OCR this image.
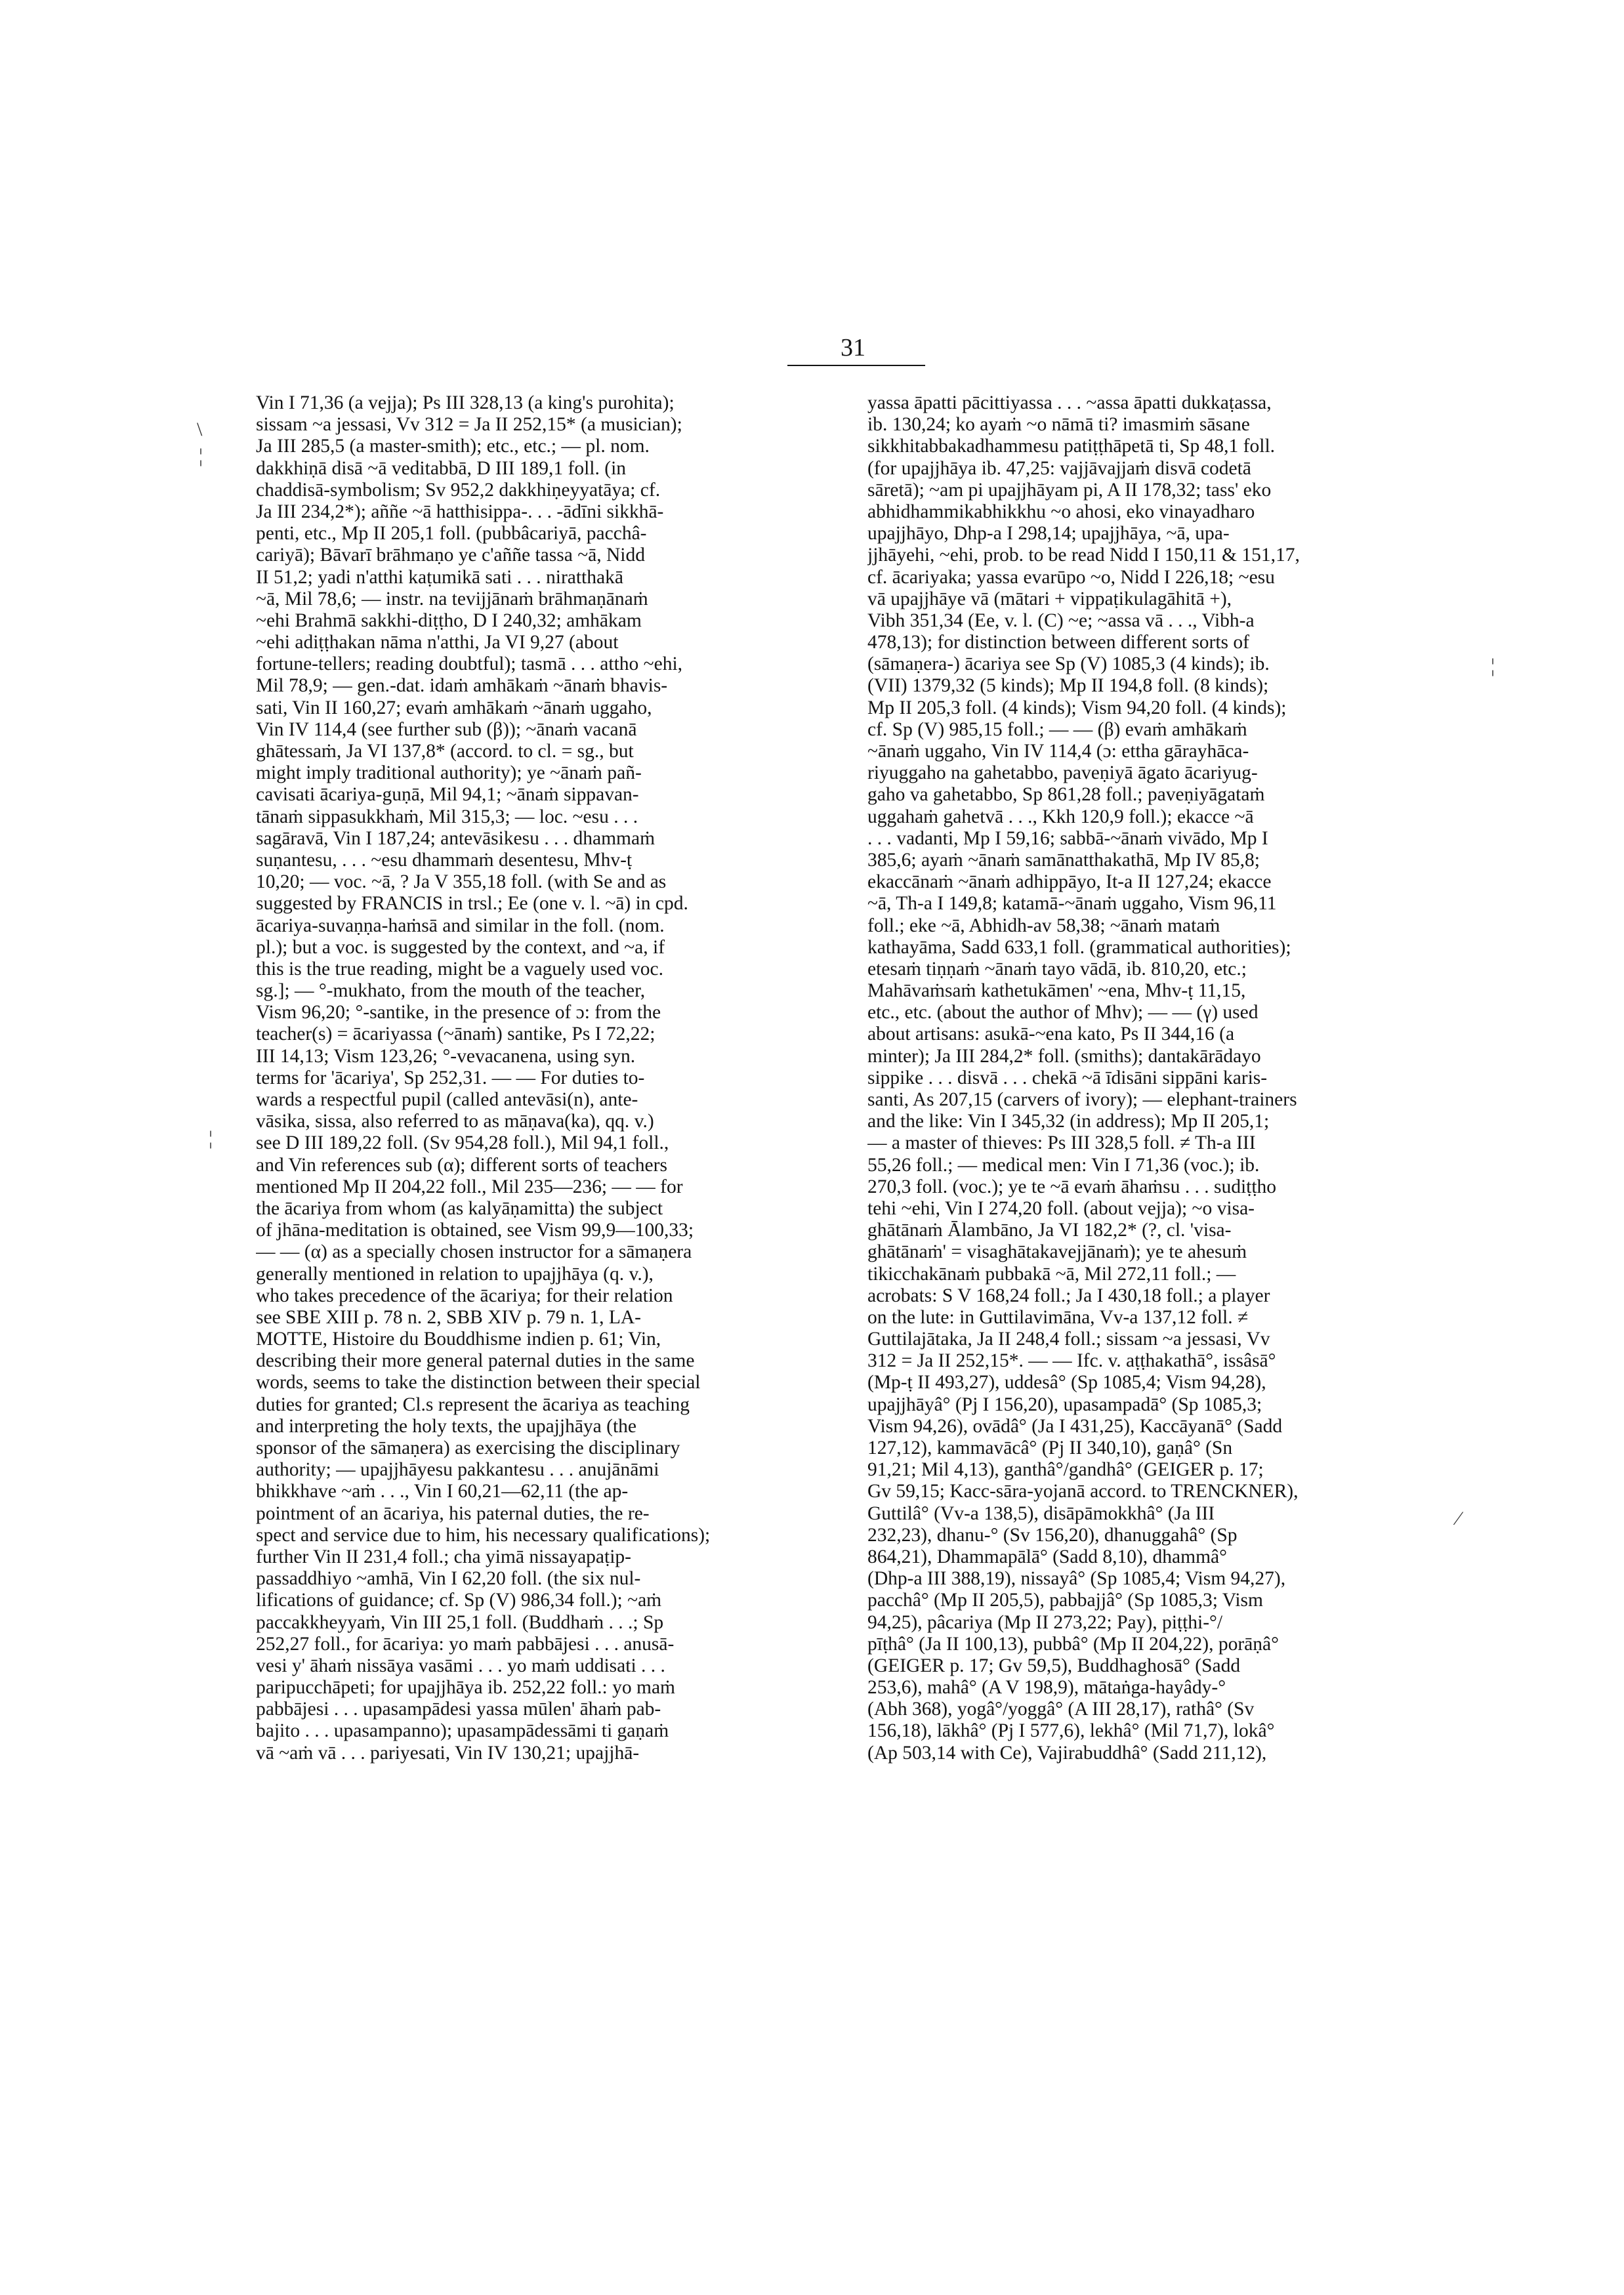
31
\
¦
¦
¦
⁄
Vin I 71,36 (a vejja); Ps III 328,13 (a king's purohita);
sissam ~a jessasi, Vv 312 = Ja II 252,15* (a musician);
Ja III 285,5 (a master-smith); etc., etc.; — pl. nom.
dakkhiṇā disā ~ā veditabbā, D III 189,1 foll. (in
chaddisā-symbolism; Sv 952,2 dakkhiṇeyyatāya; cf.
Ja III 234,2*); aññe ~ā hatthisippa-. . . -ādīni sikkhā-
penti, etc., Mp II 205,1 foll. (pubbâcariyā, pacchâ-
cariyā); Bāvarī brāhmaṇo ye c'aññe tassa ~ā, Nidd
II 51,2; yadi n'atthi kaṭumikā sati . . . niratthakā
~ā, Mil 78,6; — instr. na tevijjānaṁ brāhmaṇānaṁ
~ehi Brahmā sakkhi-diṭṭho, D I 240,32; amhākam
~ehi adiṭṭhakan nāma n'atthi, Ja VI 9,27 (about
fortune-tellers; reading doubtful); tasmā . . . attho ~ehi,
Mil 78,9; — gen.-dat. idaṁ amhākaṁ ~ānaṁ bhavis-
sati, Vin II 160,27; evaṁ amhākaṁ ~ānaṁ uggaho,
Vin IV 114,4 (see further sub (β)); ~ānaṁ vacanā
ghātessaṁ, Ja VI 137,8* (accord. to cl. = sg., but
might imply traditional authority); ye ~ānaṁ pañ-
cavisati ācariya-guṇā, Mil 94,1; ~ānaṁ sippavan-
tānaṁ sippasukkhaṁ, Mil 315,3; — loc. ~esu . . .
sagāravā, Vin I 187,24; antevāsikesu . . . dhammaṁ
suṇantesu, . . . ~esu dhammaṁ desentesu, Mhv-ṭ
10,20; — voc. ~ā, ? Ja V 355,18 foll. (with Se and as
suggested by FRANCIS in trsl.; Ee (one v. l. ~ā) in cpd.
ācariya-suvaṇṇa-haṁsā and similar in the foll. (nom.
pl.); but a voc. is suggested by the context, and ~a, if
this is the true reading, might be a vaguely used voc.
sg.]; — °-mukhato, from the mouth of the teacher,
Vism 96,20; °-santike, in the presence of ɔ: from the
teacher(s) = ācariyassa (~ānaṁ) santike, Ps I 72,22;
III 14,13; Vism 123,26; °-vevacanena, using syn.
terms for 'ācariya', Sp 252,31. — — For duties to-
wards a respectful pupil (called antevāsi(n), ante-
vāsika, sissa, also referred to as māṇava(ka), qq. v.)
see D III 189,22 foll. (Sv 954,28 foll.), Mil 94,1 foll.,
and Vin references sub (α); different sorts of teachers
mentioned Mp II 204,22 foll., Mil 235—236; — — for
the ācariya from whom (as kalyāṇamitta) the subject
of jhāna-meditation is obtained, see Vism 99,9—100,33;
— — (α) as a specially chosen instructor for a sāmaṇera
generally mentioned in relation to upajjhāya (q. v.),
who takes precedence of the ācariya; for their relation
see SBE XIII p. 78 n. 2, SBB XIV p. 79 n. 1, LA-
MOTTE, Histoire du Bouddhisme indien p. 61; Vin,
describing their more general paternal duties in the same
words, seems to take the distinction between their special
duties for granted; Cl.s represent the ācariya as teaching
and interpreting the holy texts, the upajjhāya (the
sponsor of the sāmaṇera) as exercising the disciplinary
authority; — upajjhāyesu pakkantesu . . . anujānāmi
bhikkhave ~aṁ . . ., Vin I 60,21—62,11 (the ap-
pointment of an ācariya, his paternal duties, the re-
spect and service due to him, his necessary qualifications);
further Vin II 231,4 foll.; cha yimā nissayapaṭip-
passaddhiyo ~amhā, Vin I 62,20 foll. (the six nul-
lifications of guidance; cf. Sp (V) 986,34 foll.); ~aṁ
paccakkheyyaṁ, Vin III 25,1 foll. (Buddhaṁ . . .; Sp
252,27 foll., for ācariya: yo maṁ pabbājesi . . . anusā-
vesi y' āhaṁ nissāya vasāmi . . . yo maṁ uddisati . . .
paripucchāpeti; for upajjhāya ib. 252,22 foll.: yo maṁ
pabbājesi . . . upasampādesi yassa mūlen' āhaṁ pab-
bajito . . . upasampanno); upasampādessāmi ti gaṇaṁ
vā ~aṁ vā . . . pariyesati, Vin IV 130,21; upajjhā-
yassa āpatti pācittiyassa . . . ~assa āpatti dukkaṭassa,
ib. 130,24; ko ayaṁ ~o nāmā ti? imasmiṁ sāsane
sikkhitabbakadhammesu patiṭṭhāpetā ti, Sp 48,1 foll.
(for upajjhāya ib. 47,25: vajjāvajjaṁ disvā codetā
sāretā); ~am pi upajjhāyam pi, A II 178,32; tass' eko
abhidhammikabhikkhu ~o ahosi, eko vinayadharo
upajjhāyo, Dhp-a I 298,14; upajjhāya, ~ā, upa-
jjhāyehi, ~ehi, prob. to be read Nidd I 150,11 & 151,17,
cf. ācariyaka; yassa evarūpo ~o, Nidd I 226,18; ~esu
vā upajjhāye vā (mātari + vippaṭikulagāhitā +),
Vibh 351,34 (Ee, v. l. (C) ~e; ~assa vā . . ., Vibh-a
478,13); for distinction between different sorts of
(sāmaṇera-) ācariya see Sp (V) 1085,3 (4 kinds); ib.
(VII) 1379,32 (5 kinds); Mp II 194,8 foll. (8 kinds);
Mp II 205,3 foll. (4 kinds); Vism 94,20 foll. (4 kinds);
cf. Sp (V) 985,15 foll.; — — (β) evaṁ amhākaṁ
~ānaṁ uggaho, Vin IV 114,4 (ɔ: ettha gārayhāca-
riyuggaho na gahetabbo, paveṇiyā āgato ācariyug-
gaho va gahetabbo, Sp 861,28 foll.; paveṇiyāgataṁ
uggahaṁ gahetvā . . ., Kkh 120,9 foll.); ekacce ~ā
. . . vadanti, Mp I 59,16; sabbā-~ānaṁ vivādo, Mp I
385,6; ayaṁ ~ānaṁ samānatthakathā, Mp IV 85,8;
ekaccānaṁ ~ānaṁ adhippāyo, It-a II 127,24; ekacce
~ā, Th-a I 149,8; katamā-~ānaṁ uggaho, Vism 96,11
foll.; eke ~ā, Abhidh-av 58,38; ~ānaṁ mataṁ
kathayāma, Sadd 633,1 foll. (grammatical authorities);
etesaṁ tiṇṇaṁ ~ānaṁ tayo vādā, ib. 810,20, etc.;
Mahāvaṁsaṁ kathetukāmen' ~ena, Mhv-ṭ 11,15,
etc., etc. (about the author of Mhv); — — (γ) used
about artisans: asukā-~ena kato, Ps II 344,16 (a
minter); Ja III 284,2* foll. (smiths); dantakārādayo
sippike . . . disvā . . . chekā ~ā īdisāni sippāni karis-
santi, As 207,15 (carvers of ivory); — elephant-trainers
and the like: Vin I 345,32 (in address); Mp II 205,1;
— a master of thieves: Ps III 328,5 foll. ≠ Th-a III
55,26 foll.; — medical men: Vin I 71,36 (voc.); ib.
270,3 foll. (voc.); ye te ~ā evaṁ āhaṁsu . . . sudiṭṭho
tehi ~ehi, Vin I 274,20 foll. (about vejja); ~o visa-
ghātānaṁ Ālambāno, Ja VI 182,2* (?, cl. 'visa-
ghātānaṁ' = visaghātakavejjānaṁ); ye te ahesuṁ
tikicchakānaṁ pubbakā ~ā, Mil 272,11 foll.; —
acrobats: S V 168,24 foll.; Ja I 430,18 foll.; a player
on the lute: in Guttilavimāna, Vv-a 137,12 foll. ≠
Guttilajātaka, Ja II 248,4 foll.; sissam ~a jessasi, Vv
312 = Ja II 252,15*. — — Ifc. v. aṭṭhakathā°, issâsā°
(Mp-ṭ II 493,27), uddesâ° (Sp 1085,4; Vism 94,28),
upajjhāyâ° (Pj I 156,20), upasampadā° (Sp 1085,3;
Vism 94,26), ovādâ° (Ja I 431,25), Kaccāyanā° (Sadd
127,12), kammavācâ° (Pj II 340,10), gaṇâ° (Sn
91,21; Mil 4,13), ganthâ°/gandhâ° (GEIGER p. 17;
Gv 59,15; Kacc-sāra-yojanā accord. to TRENCKNER),
Guttilâ° (Vv-a 138,5), disāpāmokkhâ° (Ja III
232,23), dhanu-° (Sv 156,20), dhanuggahâ° (Sp
864,21), Dhammapālā° (Sadd 8,10), dhammâ°
(Dhp-a III 388,19), nissayâ° (Sp 1085,4; Vism 94,27),
pacchâ° (Mp II 205,5), pabbajjâ° (Sp 1085,3; Vism
94,25), pâcariya (Mp II 273,22; Pay), piṭṭhi-°/
pīṭhâ° (Ja II 100,13), pubbâ° (Mp II 204,22), porāṇâ°
(GEIGER p. 17; Gv 59,5), Buddhaghosā° (Sadd
253,6), mahâ° (A V 198,9), mātaṅga-hayâdy-°
(Abh 368), yogâ°/yoggâ° (A III 28,17), rathâ° (Sv
156,18), lākhâ° (Pj I 577,6), lekhâ° (Mil 71,7), lokâ°
(Ap 503,14 with Ce), Vajirabuddhâ° (Sadd 211,12),
